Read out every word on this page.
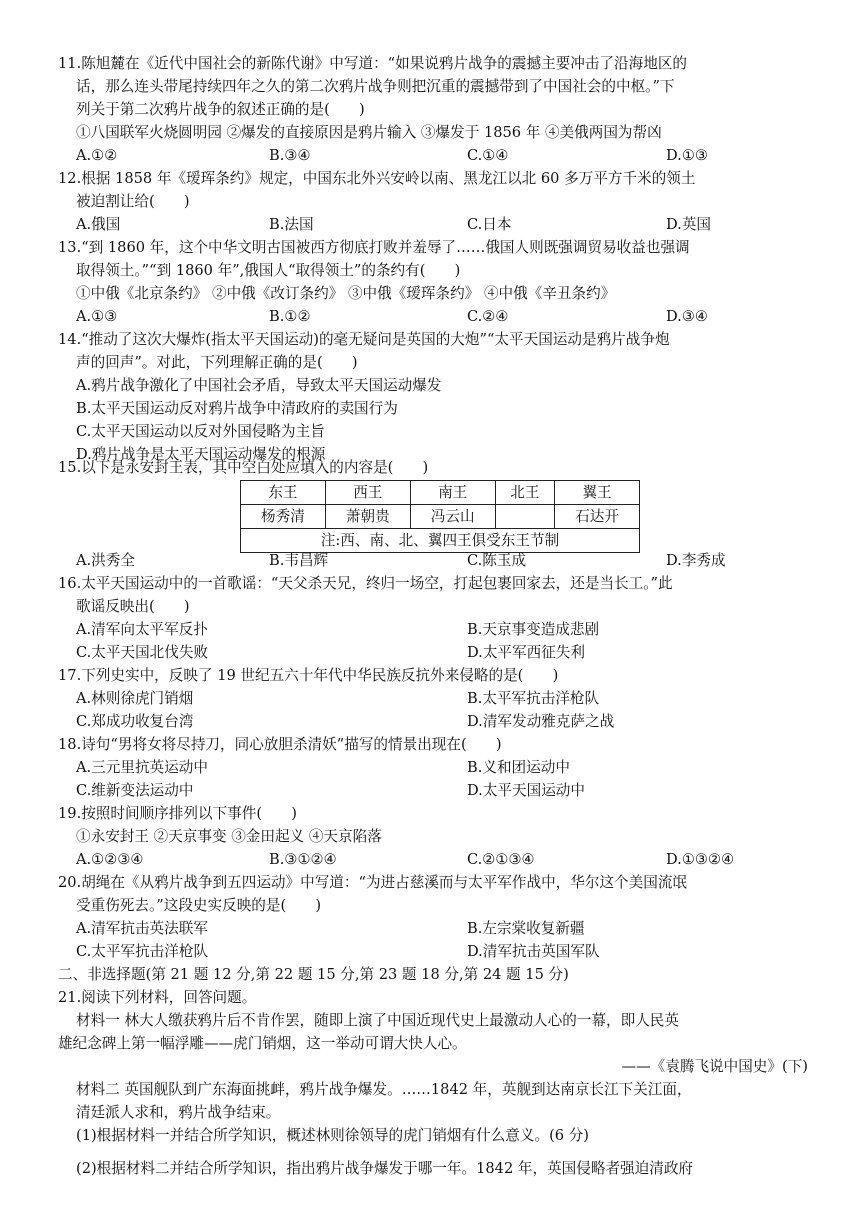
11.陈旭麓在《近代中国社会的新陈代谢》中写道：“如果说鸦片战争的震撼主要冲击了沿海地区的
话，那么连头带尾持续四年之久的第二次鸦片战争则把沉重的震撼带到了中国社会的中枢。”下
列关于第二次鸦片战争的叙述正确的是(　　)
①八国联军火烧圆明园 ②爆发的直接原因是鸦片输入 ③爆发于 1856 年 ④美俄两国为帮凶
A.①②	B.③④	C.①④	D.①③
12.根据 1858 年《瑷珲条约》规定，中国东北外兴安岭以南、黑龙江以北 60 多万平方千米的领土
被迫割让给(　　)
A.俄国	B.法国	C.日本	D.英国
13.“到 1860 年，这个中华文明古国被西方彻底打败并羞辱了……俄国人则既强调贸易收益也强调
取得领土。”“到 1860 年”,俄国人“取得领土”的条约有(　　)
①中俄《北京条约》 ②中俄《改订条约》 ③中俄《瑷珲条约》 ④中俄《辛丑条约》
A.①③	B.①②	C.②④	D.③④
14.“推动了这次大爆炸(指太平天国运动)的毫无疑问是英国的大炮”“太平天国运动是鸦片战争炮
声的回声”。对此，下列理解正确的是(　　)
A.鸦片战争激化了中国社会矛盾，导致太平天国运动爆发
B.太平天国运动反对鸦片战争中清政府的卖国行为
C.太平天国运动以反对外国侵略为主旨
D.鸦片战争是太平天国运动爆发的根源
15.以下是永安封王表，其中空白处应填入的内容是(　　)
东王	西王	南王	北王	翼王
杨秀清	萧朝贵	冯云山		石达开
注:西、南、北、翼四王俱受东王节制				
A.洪秀全	B.韦昌辉	C.陈玉成	D.李秀成
16.太平天国运动中的一首歌谣：“天父杀天兄，终归一场空，打起包裹回家去，还是当长工。”此
歌谣反映出(　　)
A.清军向太平军反扑	B.天京事变造成悲剧
C.太平天国北伐失败	D.太平军西征失利
17.下列史实中，反映了 19 世纪五六十年代中华民族反抗外来侵略的是(　　)
A.林则徐虎门销烟	B.太平军抗击洋枪队
C.郑成功收复台湾	D.清军发动雅克萨之战
18.诗句“男将女将尽持刀，同心放胆杀清妖”描写的情景出现在(　　)
A.三元里抗英运动中	B.义和团运动中
C.维新变法运动中	D.太平天国运动中
19.按照时间顺序排列以下事件(　　)
①永安封王 ②天京事变 ③金田起义 ④天京陷落
A.①②③④	B.③①②④	C.②①③④	D.①③②④
20.胡绳在《从鸦片战争到五四运动》中写道：“为进占慈溪而与太平军作战中，华尔这个美国流氓
受重伤死去。”这段史实反映的是(　　)
A.清军抗击英法联军	B.左宗棠收复新疆
C.太平军抗击洋枪队	D.清军抗击英国军队
二、非选择题(第 21 题 12 分,第 22 题 15 分,第 23 题 18 分,第 24 题 15 分)
21.阅读下列材料，回答问题。
材料一 林大人缴获鸦片后不肯作罢，随即上演了中国近现代史上最激动人心的一幕，即人民英
雄纪念碑上第一幅浮雕——虎门销烟，这一举动可谓大快人心。
——《袁腾飞说中国史》(下)
材料二 英国舰队到广东海面挑衅，鸦片战争爆发。……1842 年，英舰到达南京长江下关江面，
清廷派人求和，鸦片战争结束。
(1)根据材料一并结合所学知识，概述林则徐领导的虎门销烟有什么意义。(6 分)
(2)根据材料二并结合所学知识，指出鸦片战争爆发于哪一年。1842 年，英国侵略者强迫清政府
